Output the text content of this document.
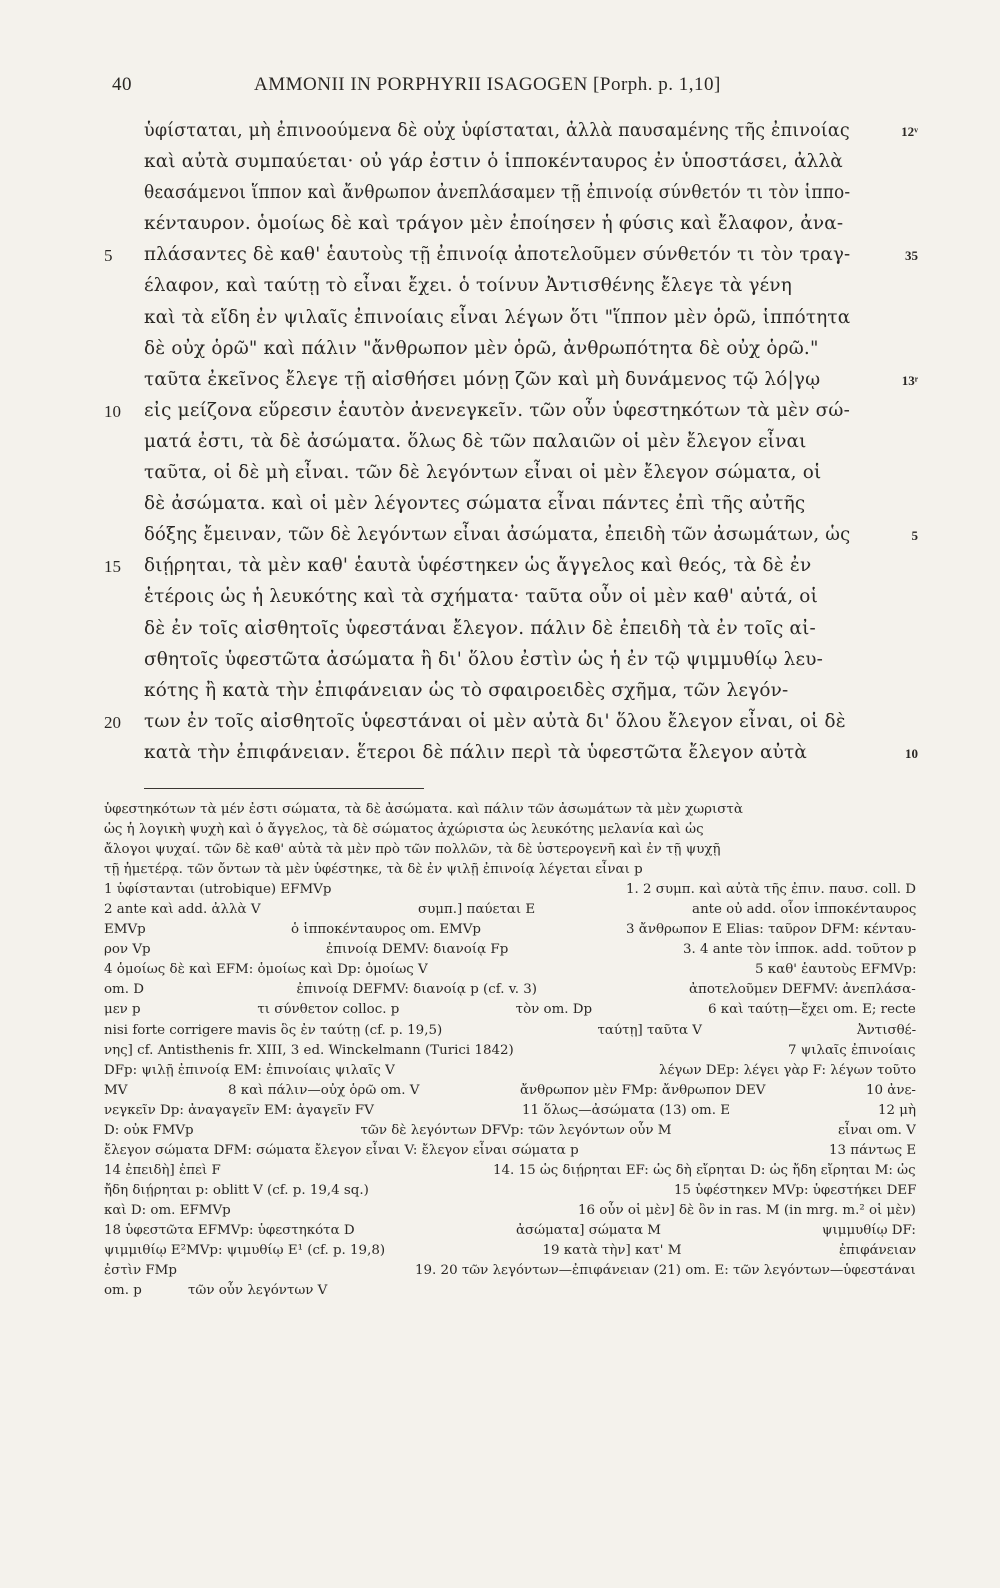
40	AMMONII IN PORPHYRII ISAGOGEN [Porph. p. 1,10]
ὑφίσταται, μὴ ἐπινοούμενα δὲ οὐχ ὑφίσταται, ἀλλὰ παυσαμένης τῆς ἐπινοίας	12ᵛ
καὶ αὐτὰ συμπαύεται· οὐ γάρ ἐστιν ὁ ἱπποκένταυρος ἐν ὑποστάσει, ἀλλὰ
θεασάμενοι ἵππον καὶ ἄνθρωπον ἀνεπλάσαμεν τῇ ἐπινοίᾳ σύνθετόν τι τὸν ἱππο-
κένταυρον. ὁμοίως δὲ καὶ τράγον μὲν ἐποίησεν ἡ φύσις καὶ ἔλαφον, ἀνα-
5 πλάσαντες δὲ καθ' ἑαυτοὺς τῇ ἐπινοίᾳ ἀποτελοῦμεν σύνθετόν τι τὸν τραγ-	35
έλαφον, καὶ ταύτῃ τὸ εἶναι ἔχει. ὁ τοίνυν Ἀντισθένης ἔλεγε τὰ γένη
καὶ τὰ εἴδη ἐν ψιλαῖς ἐπινοίαις εἶναι λέγων ὅτι "ἵππον μὲν ὁρῶ, ἱππότητα
δὲ οὐχ ὁρῶ" καὶ πάλιν "ἄνθρωπον μὲν ὁρῶ, ἀνθρωπότητα δὲ οὐχ ὁρῶ."
ταῦτα ἐκεῖνος ἔλεγε τῇ αἰσθήσει μόνῃ ζῶν καὶ μὴ δυνάμενος τῷ λό|γῳ	13ʳ
10 εἰς μείζονα εὕρεσιν ἑαυτὸν ἀνενεγκεῖν. τῶν οὖν ὑφεστηκότων τὰ μὲν σώ-
ματά ἐστι, τὰ δὲ ἀσώματα. ὅλως δὲ τῶν παλαιῶν οἱ μὲν ἔλεγον εἶναι
ταῦτα, οἱ δὲ μὴ εἶναι. τῶν δὲ λεγόντων εἶναι οἱ μὲν ἔλεγον σώματα, οἱ
δὲ ἀσώματα. καὶ οἱ μὲν λέγοντες σώματα εἶναι πάντες ἐπὶ τῆς αὐτῆς
δόξης ἔμειναν, τῶν δὲ λεγόντων εἶναι ἀσώματα, ἐπειδὴ τῶν ἀσωμάτων, ὡς	5
15 διῄρηται, τὰ μὲν καθ' ἑαυτὰ ὑφέστηκεν ὡς ἄγγελος καὶ θεός, τὰ δὲ ἐν
ἑτέροις ὡς ἡ λευκότης καὶ τὰ σχήματα· ταῦτα οὖν οἱ μὲν καθ' αὑτά, οἱ
δὲ ἐν τοῖς αἰσθητοῖς ὑφεστάναι ἔλεγον. πάλιν δὲ ἐπειδὴ τὰ ἐν τοῖς αἰ-
σθητοῖς ὑφεστῶτα ἀσώματα ἢ δι' ὅλου ἐστὶν ὡς ἡ ἐν τῷ ψιμμυθίῳ λευ-
κότης ἢ κατὰ τὴν ἐπιφάνειαν ὡς τὸ σφαιροειδὲς σχῆμα, τῶν λεγόν-
20 των ἐν τοῖς αἰσθητοῖς ὑφεστάναι οἱ μὲν αὐτὰ δι' ὅλου ἔλεγον εἶναι, οἱ δὲ
κατὰ τὴν ἐπιφάνειαν. ἕτεροι δὲ πάλιν περὶ τὰ ὑφεστῶτα ἔλεγον αὐτὰ	10
ὑφεστηκότων τὰ μέν ἐστι σώματα, τὰ δὲ ἀσώματα. καὶ πάλιν τῶν ἀσωμάτων τὰ μὲν χωριστὰ
ὡς ἡ λογικὴ ψυχὴ καὶ ὁ ἄγγελος, τὰ δὲ σώματος ἀχώριστα ὡς λευκότης μελανία καὶ ὡς
ἄλογοι ψυχαί. τῶν δὲ καθ' αὑτὰ τὰ μὲν πρὸ τῶν πολλῶν, τὰ δὲ ὑστερογενῆ καὶ ἐν τῇ ψυχῇ
τῇ ἡμετέρᾳ. τῶν ὄντων τὰ μὲν ὑφέστηκε, τὰ δὲ ἐν ψιλῇ ἐπινοίᾳ λέγεται εἶναι p
1 ὑφίστανται (utrobique) EFMVp	1. 2 συμπ. καὶ αὐτὰ τῆς ἐπιν. παυσ. coll. D
2 ante καὶ add. ἀλλὰ V	συμπ.] παύεται E	ante οὐ add. οἷον ἱπποκένταυρος
EMVp	ὁ ἱπποκένταυρος om. EMVp	3 ἄνθρωπον E Elias: ταῦρον DFM: κένταυ-
ρον Vp	ἐπινοίᾳ DEMV: διανοίᾳ Fp	3. 4 ante τὸν ἱπποκ. add. τοῦτον p
4 ὁμοίως δὲ καὶ EFM: ὁμοίως καὶ Dp: ὁμοίως V	5 καθ' ἑαυτοὺς EFMVp:
om. D	ἐπινοίᾳ DEFMV: διανοίᾳ p (cf. v. 3)	ἀποτελοῦμεν DEFMV: ἀνεπλάσα-
μεν p	τι σύνθετον colloc. p	τὸν om. Dp	6 καὶ ταύτῃ—ἔχει om. E; recte
nisi forte corrigere mavis ὃς ἐν ταύτῃ (cf. p. 19,5)	ταύτῃ] ταῦτα V	Ἀντισθέ-
νης] cf. Antisthenis fr. XIII, 3 ed. Winckelmann (Turici 1842)	7 ψιλαῖς ἐπινοίαις
DFp: ψιλῇ ἐπινοίᾳ EM: ἐπινοίαις ψιλαῖς V	λέγων DEp: λέγει γὰρ F: λέγων τοῦτο
MV	8 καὶ πάλιν—οὐχ ὁρῶ om. V	ἄνθρωπον μὲν FMp: ἄνθρωπον DEV	10 ἀνε-
νεγκεῖν Dp: ἀναγαγεῖν EM: ἀγαγεῖν FV	11 ὅλως—ἀσώματα (13) om. E	12 μὴ
D: οὐκ FMVp	τῶν δὲ λεγόντων DFVp: τῶν λεγόντων οὖν M	εἶναι om. V
ἔλεγον σώματα DFM: σώματα ἔλεγον εἶναι V: ἔλεγον εἶναι σώματα p	13 πάντως E
14 ἐπειδὴ] ἐπεὶ F	14. 15 ὡς διῄρηται EF: ὡς δὴ εἴρηται D: ὡς ἤδη εἴρηται M: ὡς
ἤδη διῄρηται p: oblitt V (cf. p. 19,4 sq.)	15 ὑφέστηκεν MVp: ὑφεστήκει DEF
καὶ D: om. EFMVp	16 οὖν οἱ μὲν] δὲ ὂν in ras. M (in mrg. m.² οἱ μὲν)
18 ὑφεστῶτα EFMVp: ὑφεστηκότα D	ἀσώματα] σώματα M	ψιμμυθίῳ DF:
ψιμμιθίῳ E²MVp: ψιμυθίῳ E¹ (cf. p. 19,8)	19 κατὰ τὴν] κατ' M	ἐπιφάνειαν
ἐστὶν FMp	19. 20 τῶν λεγόντων—ἐπιφάνειαν (21) om. E: τῶν λεγόντων—ὑφεστάναι
om. p	τῶν οὖν λεγόντων V
